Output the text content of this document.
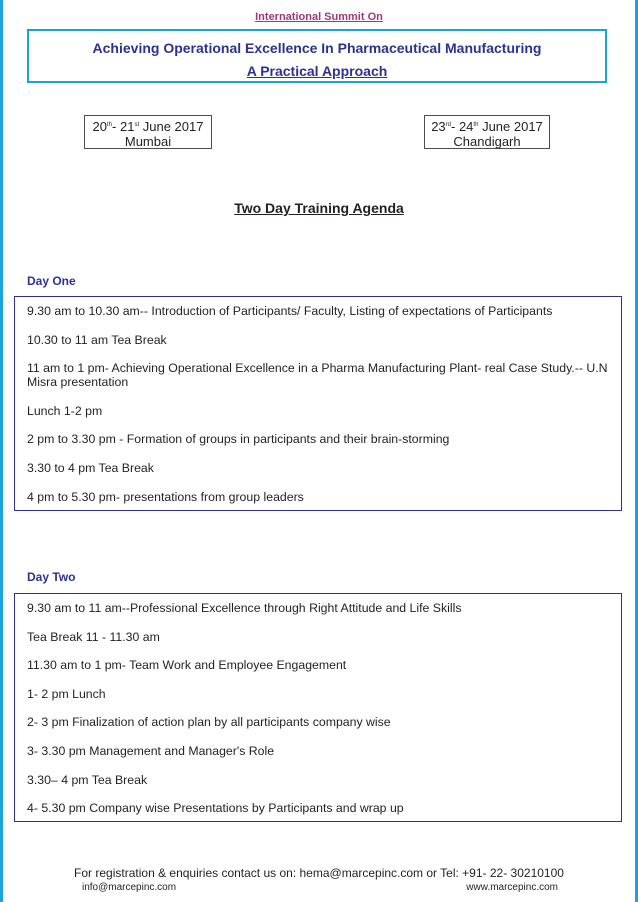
International Summit On
Achieving Operational Excellence In Pharmaceutical Manufacturing
A Practical Approach
20th- 21st June 2017
Mumbai
23rd- 24th June 2017
Chandigarh
Two Day Training Agenda
Day One

9.30 am to 10.30 am-- Introduction of Participants/ Faculty, Listing of expectations of Participants

10.30 to 11 am Tea Break

11 am to 1 pm- Achieving Operational Excellence in a Pharma Manufacturing Plant- real Case Study.-- U.N Misra presentation

Lunch 1-2 pm

2 pm to 3.30 pm - Formation of groups in participants and their brain-storming

3.30 to 4 pm Tea Break

4 pm to 5.30 pm- presentations from group leaders

Day Two

9.30 am to 11 am--Professional Excellence through Right Attitude and Life Skills

Tea Break 11 - 11.30 am

11.30 am to 1 pm- Team Work and Employee Engagement

1- 2 pm Lunch

2- 3 pm Finalization of action plan by all participants company wise

3- 3.30 pm Management and Manager's Role

3.30– 4 pm Tea Break

4- 5.30 pm Company wise Presentations by Participants and wrap up

For registration & enquiries contact us on: hema@marcepinc.com or Tel: +91- 22- 30210100
info@marcepinc.com	www.marcepinc.com
